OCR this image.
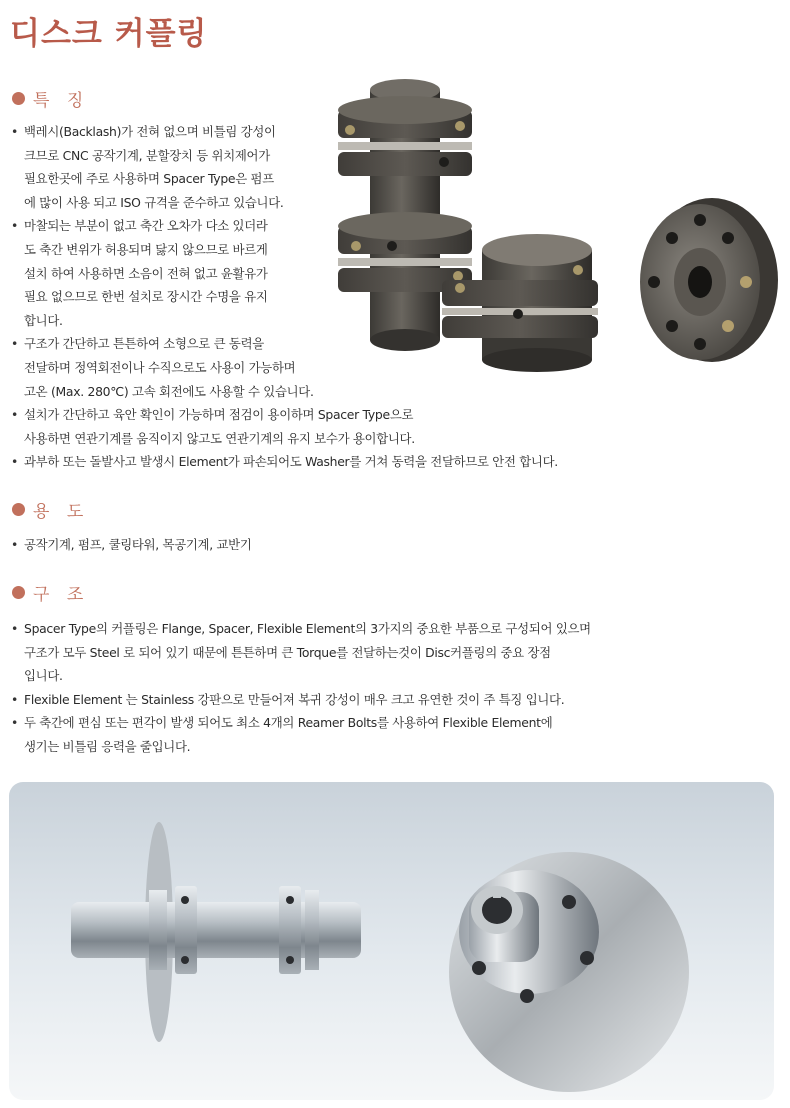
디스크 커플링
특 징
• 백레시(Backlash)가 전혀 없으며 비틀림 강성이
크므로 CNC 공작기계, 분할장치 등 위치제어가
필요한곳에 주로 사용하며 Spacer Type은 펌프
에 많이 사용 되고 ISO 규격을 준수하고 있습니다.
• 마찰되는 부분이 없고 축간 오차가 다소 있더라
도 축간 변위가 허용되며 닳지 않으므로 바르게
설치 하여 사용하면 소음이 전혀 없고 윤활유가
필요 없으므로 한번 설치로 장시간 수명을 유지
합니다.
• 구조가 간단하고 튼튼하여 소형으로 큰 동력을
전달하며 정역회전이나 수직으로도 사용이 가능하며
고온 (Max. 280℃) 고속 회전에도 사용할 수 있습니다.
• 설치가 간단하고 육안 확인이 가능하며 점검이 용이하며 Spacer Type으로
사용하면 연관기계를 움직이지 않고도 연관기계의 유지 보수가 용이합니다.
• 과부하 또는 돌발사고 발생시 Element가 파손되어도 Washer를 거쳐 동력을 전달하므로 안전 합니다.
용 도
• 공작기계, 펌프, 쿨링타워, 목공기계, 교반기
구 조
• Spacer Type의 커플링은 Flange, Spacer, Flexible Element의 3가지의 중요한 부품으로 구성되어 있으며
구조가 모두 Steel 로 되어 있기 때문에 튼튼하며 큰 Torque를 전달하는것이 Disc커플링의 중요 장점
입니다.
• Flexible Element 는 Stainless 강판으로 만들어져 복귀 강성이 매우 크고 유연한 것이 주 특징 입니다.
• 두 축간에 편심 또는 편각이 발생 되어도 최소 4개의 Reamer Bolts를 사용하여 Flexible Element에
생기는 비틀림 응력을 줄입니다.
